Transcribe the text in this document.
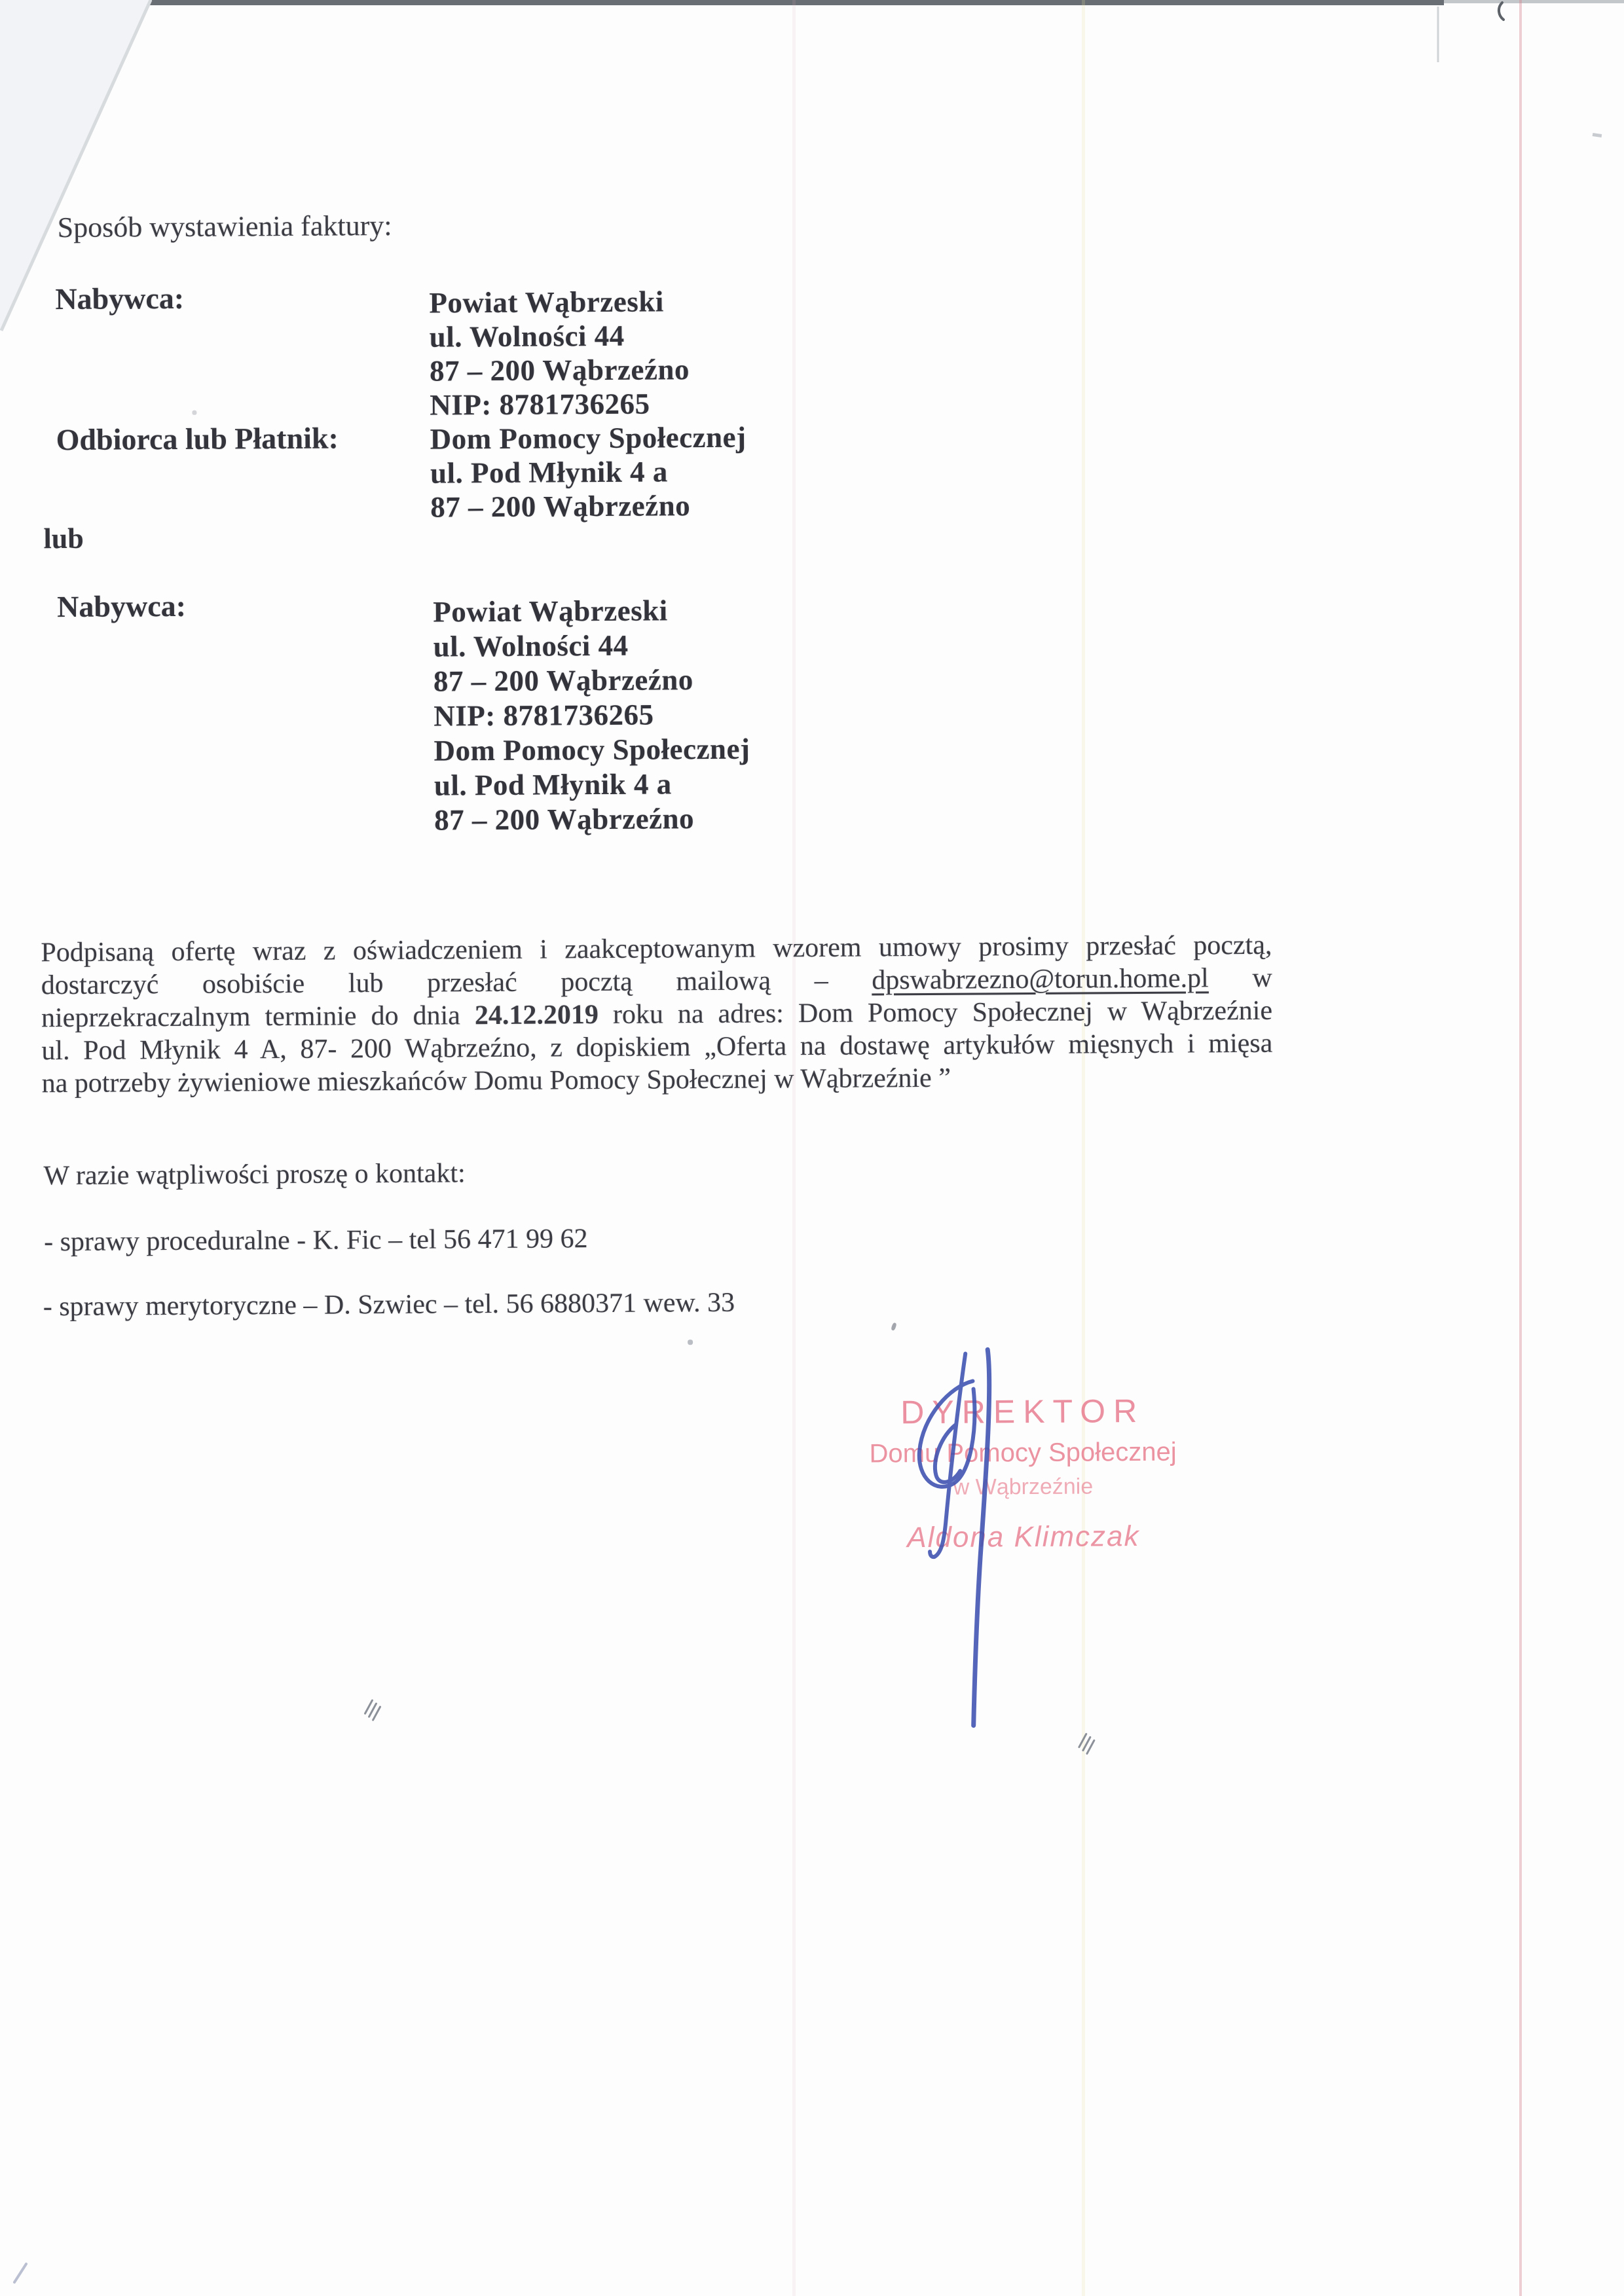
Sposób wystawienia faktury:
Nabywca:	Powiat Wąbrzeski
ul. Wolności 44
87 – 200 Wąbrzeźno
NIP: 8781736265
Dom Pomocy Społecznej
ul. Pod Młynik 4 a
87 – 200 Wąbrzeźno
Odbiorca lub Płatnik:
lub
Nabywca:	Powiat Wąbrzeski
ul. Wolności 44
87 – 200 Wąbrzeźno
NIP: 8781736265
Dom Pomocy Społecznej
ul. Pod Młynik 4 a
87 – 200 Wąbrzeźno
Podpisaną ofertę wraz z oświadczeniem i zaakceptowanym wzorem umowy prosimy przesłać pocztą,
dostarczyć osobiście lub przesłać pocztą mailową – dpswabrzezno@torun.home.pl w
nieprzekraczalnym terminie do dnia 24.12.2019 roku na adres: Dom Pomocy Społecznej w Wąbrzeźnie
ul. Pod Młynik 4 A, 87- 200 Wąbrzeźno, z dopiskiem „Oferta na dostawę artykułów mięsnych i mięsa
na potrzeby żywieniowe mieszkańców Domu Pomocy Społecznej w Wąbrzeźnie ”
W razie wątpliwości proszę o kontakt:
- sprawy proceduralne - K. Fic – tel 56 471 99 62
- sprawy merytoryczne – D. Szwiec – tel. 56 6880371 wew. 33
DYREKTOR
Domu Pomocy Społecznej
w Wąbrzeźnie
Aldona Klimczak
